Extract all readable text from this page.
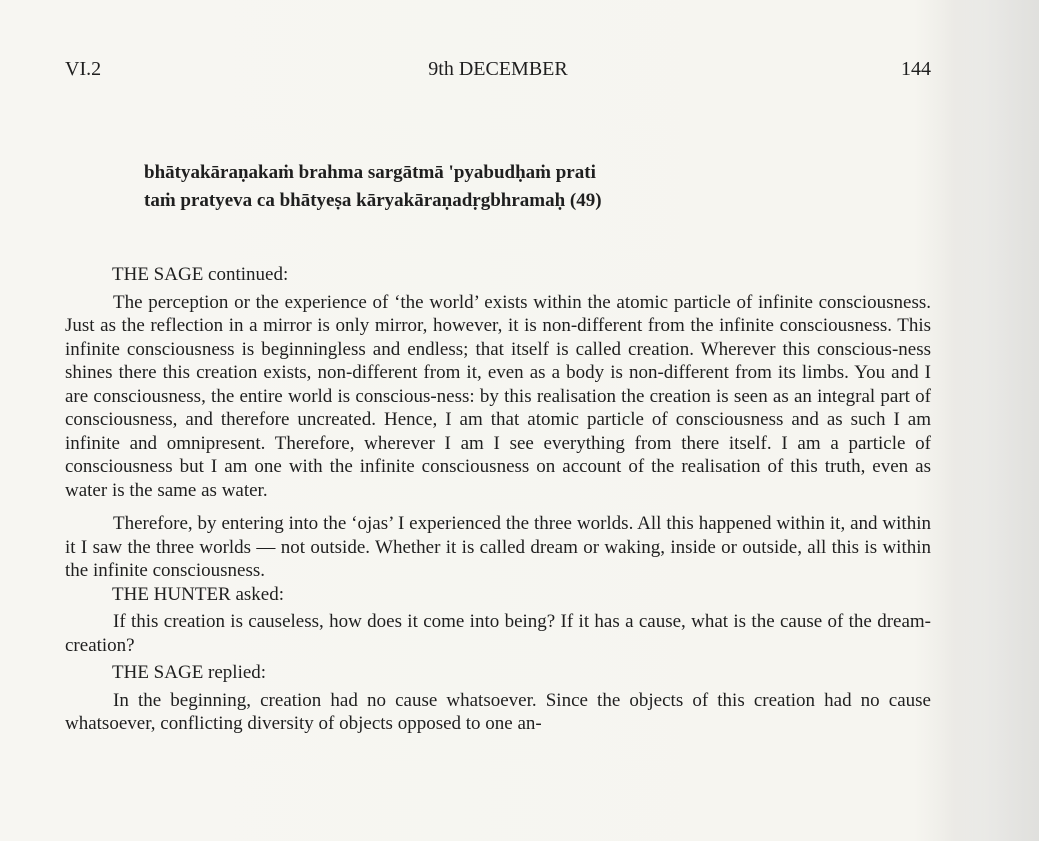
VI.2	9th DECEMBER	144
bhātyakāraṇakaṁ brahma sargātmā 'pyabudḥaṁ prati
taṁ pratyeva ca bhātyeṣa kāryakāraṇadṛgbhramaḥ (49)

THE SAGE continued:

The perception or the experience of ‘the world’ exists within the atomic particle of infinite consciousness. Just as the reflection in a mirror is only mirror, however, it is non-different from the infinite consciousness. This infinite consciousness is beginningless and endless; that itself is called creation. Wherever this conscious-ness shines there this creation exists, non-different from it, even as a body is non-different from its limbs. You and I are consciousness, the entire world is conscious-ness: by this realisation the creation is seen as an integral part of consciousness, and therefore uncreated. Hence, I am that atomic particle of consciousness and as such I am infinite and omnipresent. Therefore, wherever I am I see everything from there itself. I am a particle of consciousness but I am one with the infinite consciousness on account of the realisation of this truth, even as water is the same as water.

Therefore, by entering into the ‘ojas’ I experienced the three worlds. All this happened within it, and within it I saw the three worlds — not outside. Whether it is called dream or waking, inside or outside, all this is within the infinite consciousness.

THE HUNTER asked:

If this creation is causeless, how does it come into being? If it has a cause, what is the cause of the dream-creation?

THE SAGE replied:

In the beginning, creation had no cause whatsoever. Since the objects of this creation had no cause whatsoever, conflicting diversity of objects opposed to one an-
